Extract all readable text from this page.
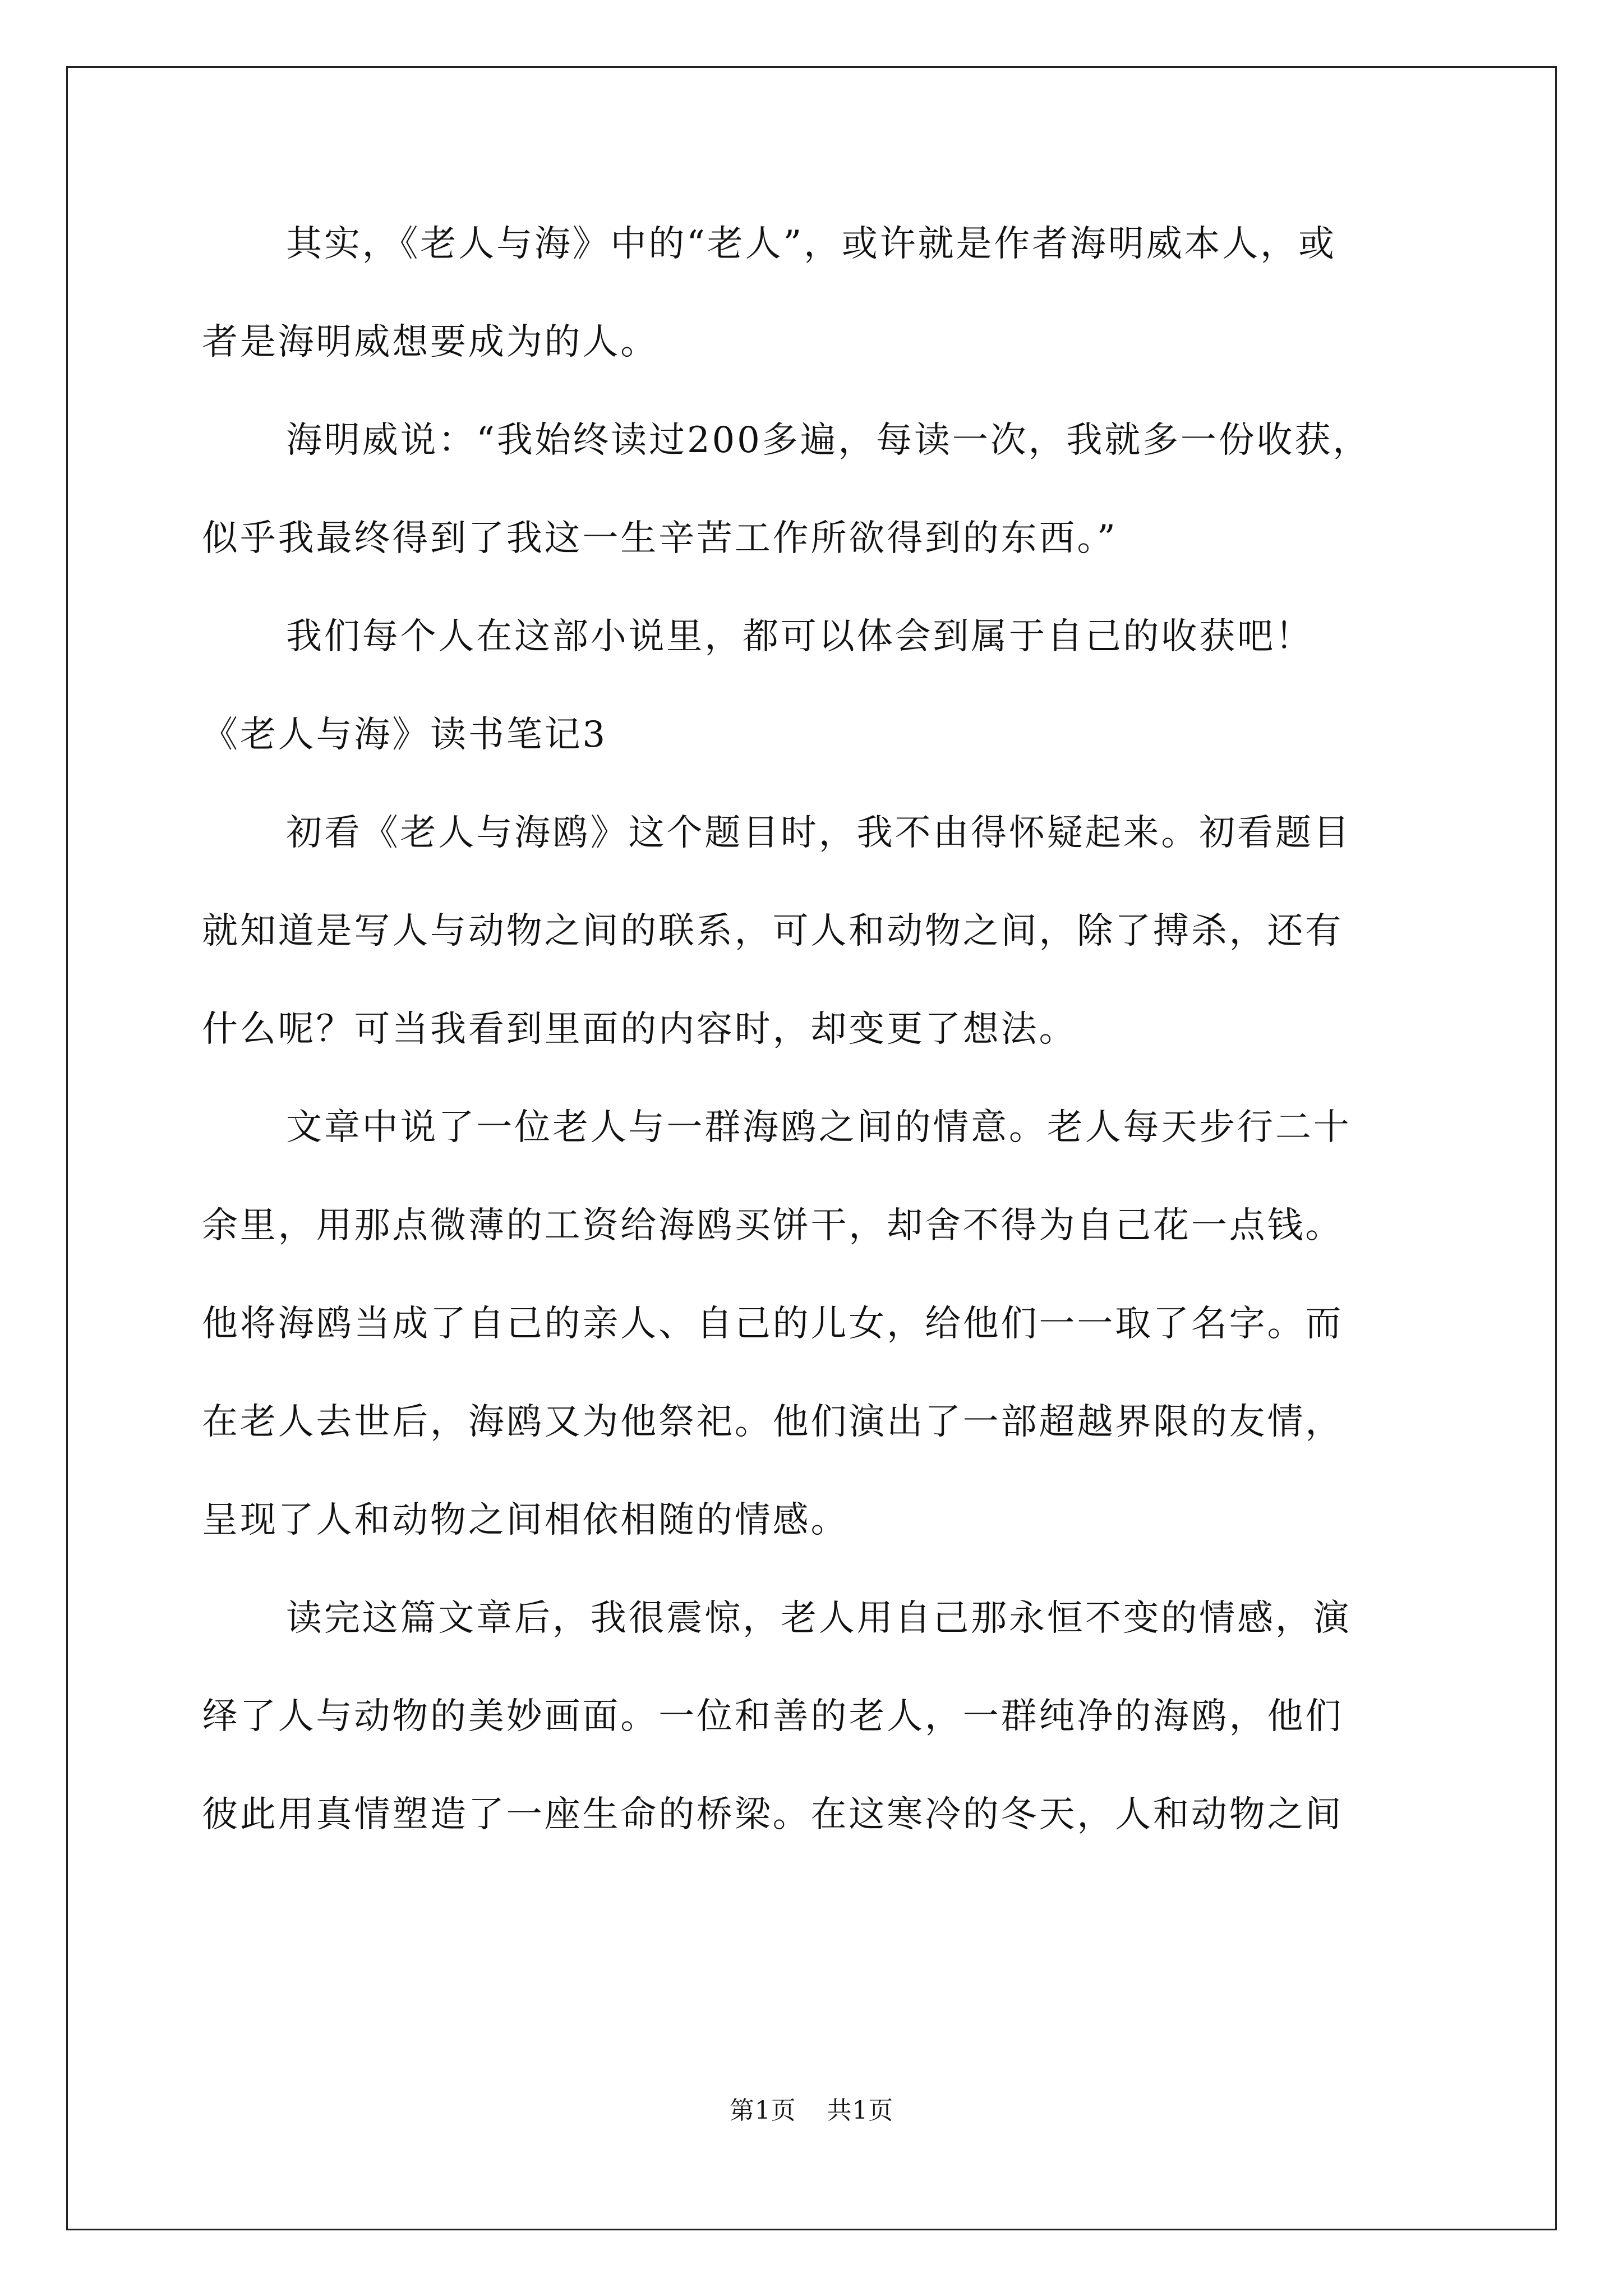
其实，《老人与海》中的“老人”，或许就是作者海明威本人，或
者是海明威想要成为的人。
海明威说：“我始终读过200多遍，每读一次，我就多一份收获，
似乎我最终得到了我这一生辛苦工作所欲得到的东西。”
我们每个人在这部小说里，都可以体会到属于自己的收获吧！
《老人与海》读书笔记3
初看《老人与海鸥》这个题目时，我不由得怀疑起来。初看题目
就知道是写人与动物之间的联系，可人和动物之间，除了搏杀，还有
什么呢？可当我看到里面的内容时，却变更了想法。
文章中说了一位老人与一群海鸥之间的情意。老人每天步行二十
余里，用那点微薄的工资给海鸥买饼干，却舍不得为自己花一点钱。
他将海鸥当成了自己的亲人、自己的儿女，给他们一一取了名字。而
在老人去世后，海鸥又为他祭祀。他们演出了一部超越界限的友情，
呈现了人和动物之间相依相随的情感。
读完这篇文章后，我很震惊，老人用自己那永恒不变的情感，演
绎了人与动物的美妙画面。一位和善的老人，一群纯净的海鸥，他们
彼此用真情塑造了一座生命的桥梁。在这寒冷的冬天，人和动物之间
第1页 共1页
